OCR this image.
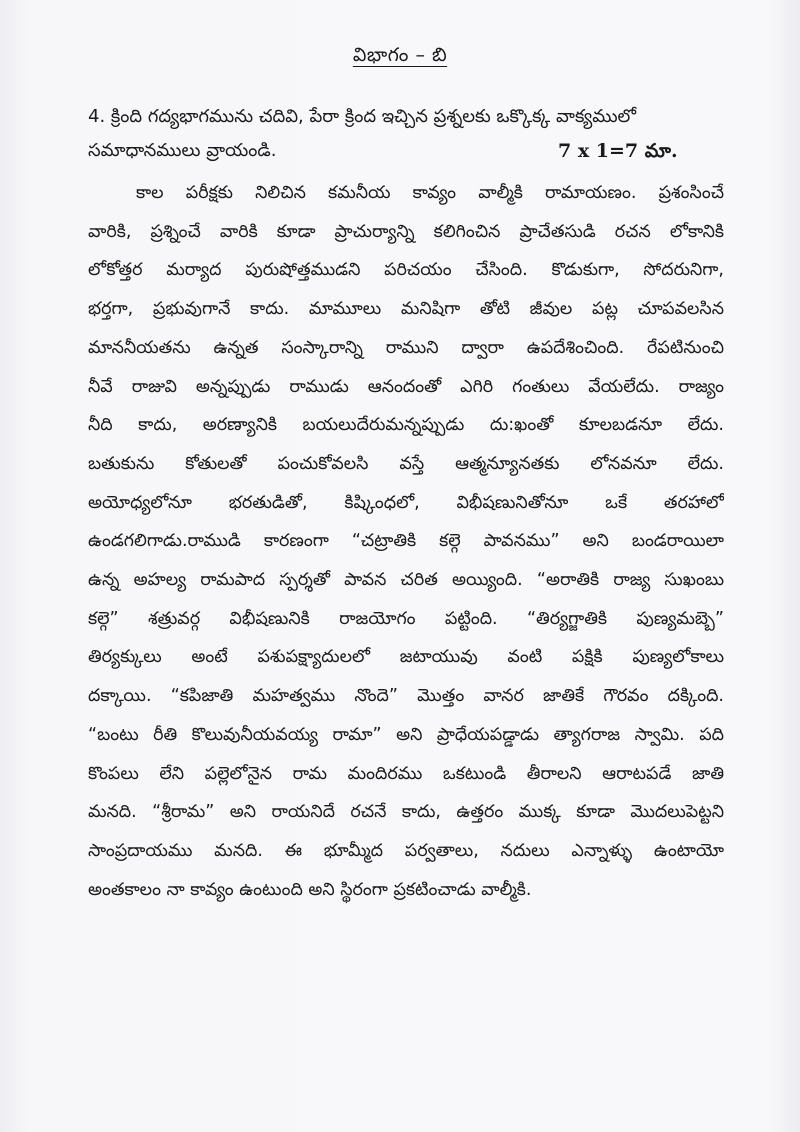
విభాగం – బి
4. క్రింది గద్యభాగమును చదివి, పేరా క్రింద ఇచ్చిన ప్రశ్నలకు ఒక్కొక్క వాక్యములో
సమాధానములు వ్రాయండి.	7 x 1=7 మా.
కాల పరీక్షకు నిలిచిన కమనీయ కావ్యం వాల్మీకి రామాయణం. ప్రశంసించే
వారికి, ప్రశ్నించే వారికి కూడా ప్రాచుర్యాన్ని కలిగించిన ప్రాచేతసుడి రచన లోకానికి
లోకోత్తర మర్యాద పురుషోత్తముడని పరిచయం చేసింది. కొడుకుగా, సోదరునిగా,
భర్తగా, ప్రభువుగానే కాదు. మామూలు మనిషిగా తోటి జీవుల పట్ల చూపవలసిన
మాననీయతను ఉన్నత సంస్కారాన్ని రాముని ద్వారా ఉపదేశించింది. రేపటినుంచి
నీవే రాజువి అన్నప్పుడు రాముడు ఆనందంతో ఎగిరి గంతులు వేయలేదు. రాజ్యం
నీది కాదు, అరణ్యానికి బయలుదేరుమన్నప్పుడు దు:ఖంతో కూలబడనూ లేదు.
బతుకును కోతులతో పంచుకోవలసి వస్తే ఆత్మన్యూనతకు లోనవనూ లేదు.
అయోధ్యలోనూ భరతుడితో, కిష్కింధలో, విభీషణునితోనూ ఒకే తరహాలో
ఉండగలిగాడు.రాముడి కారణంగా “చట్రాతికి కల్గె పావనము” అని బండరాయిలా
ఉన్న అహల్య రామపాద స్పర్శతో పావన చరిత అయ్యింది. “అరాతికి రాజ్య సుఖంబు
కల్గె” శత్రువర్గ విభీషణునికి రాజయోగం పట్టింది. “తిర్యగ్జాతికి పుణ్యమబ్బె”
తిర్యక్కులు అంటే పశుపక్ష్యాదులలో జటాయువు వంటి పక్షికి పుణ్యలోకాలు
దక్కాయి. “కపిజాతి మహత్వము నొందె” మొత్తం వానర జాతికే గౌరవం దక్కింది.
“బంటు రీతి కొలువునీయవయ్య రామా” అని ప్రాధేయపడ్డాడు త్యాగరాజ స్వామి. పది
కొంపలు లేని పల్లెలోనైన రామ మందిరము ఒకటుండి తీరాలని ఆరాటపడే జాతి
మనది. “శ్రీరామ” అని రాయనిదే రచనే కాదు, ఉత్తరం ముక్క కూడా మొదలుపెట్టని
సాంప్రదాయము మనది. ఈ భూమ్మీద పర్వతాలు, నదులు ఎన్నాళ్ళు ఉంటాయో
అంతకాలం నా కావ్యం ఉంటుంది అని స్థిరంగా ప్రకటించాడు వాల్మీకి.
